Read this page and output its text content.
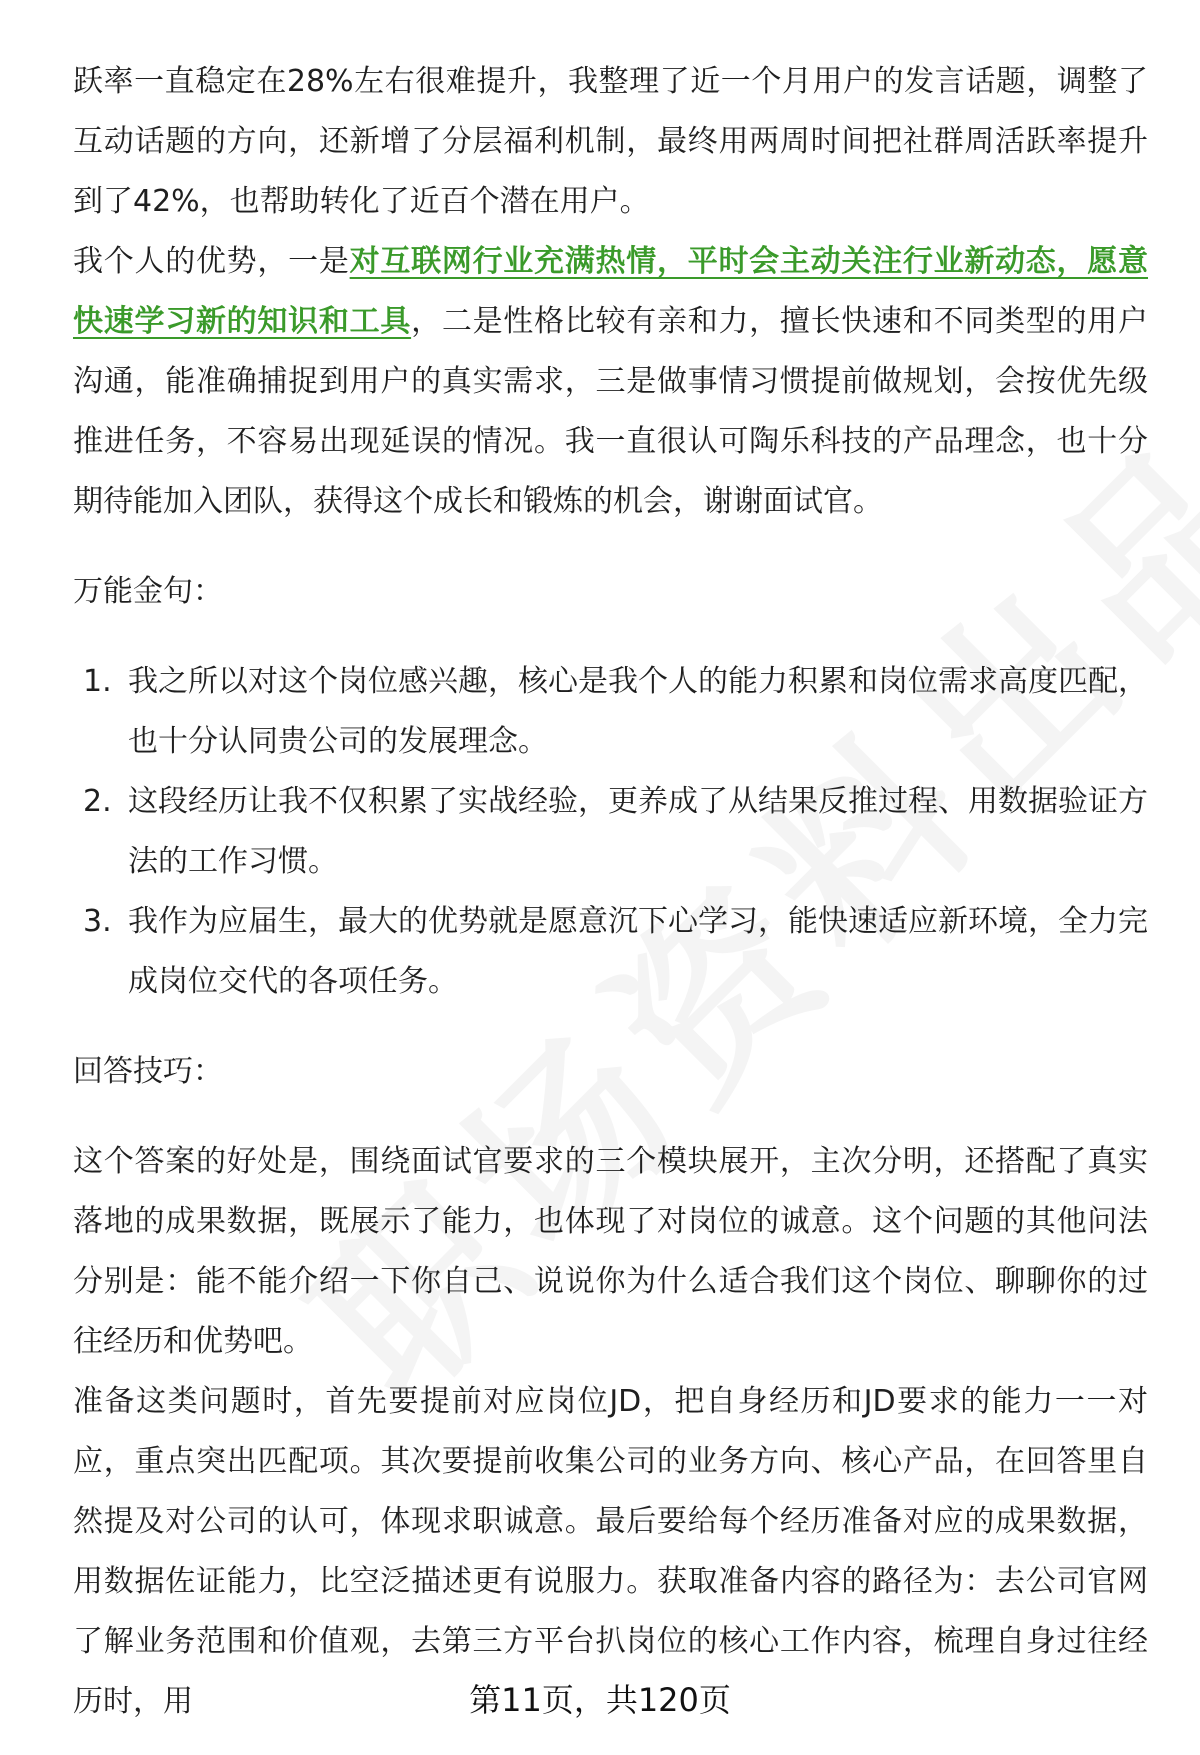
跃率一直稳定在28%左右很难提升，我整理了近一个月用户的发言话题，调整了互动话题的方向，还新增了分层福利机制，最终用两周时间把社群周活跃率提升到了42%，也帮助转化了近百个潜在用户。

我个人的优势，一是对互联网行业充满热情，平时会主动关注行业新动态，愿意快速学习新的知识和工具，二是性格比较有亲和力，擅长快速和不同类型的用户沟通，能准确捕捉到用户的真实需求，三是做事情习惯提前做规划，会按优先级推进任务，不容易出现延误的情况。我一直很认可陶乐科技的产品理念，也十分期待能加入团队，获得这个成长和锻炼的机会，谢谢面试官。

万能金句：

1. 我之所以对这个岗位感兴趣，核心是我个人的能力积累和岗位需求高度匹配，也十分认同贵公司的发展理念。
2. 这段经历让我不仅积累了实战经验，更养成了从结果反推过程、用数据验证方法的工作习惯。
3. 我作为应届生，最大的优势就是愿意沉下心学习，能快速适应新环境，全力完成岗位交代的各项任务。

回答技巧：

这个答案的好处是，围绕面试官要求的三个模块展开，主次分明，还搭配了真实落地的成果数据，既展示了能力，也体现了对岗位的诚意。这个问题的其他问法分别是：能不能介绍一下你自己、说说你为什么适合我们这个岗位、聊聊你的过往经历和优势吧。

准备这类问题时，首先要提前对应岗位JD，把自身经历和JD要求的能力一一对应，重点突出匹配项。其次要提前收集公司的业务方向、核心产品，在回答里自然提及对公司的认可，体现求职诚意。最后要给每个经历准备对应的成果数据，用数据佐证能力，比空泛描述更有说服力。获取准备内容的路径为：去公司官网了解业务范围和价值观，去第三方平台扒岗位的核心工作内容，梳理自身过往经历时，用	第11页，共120页
